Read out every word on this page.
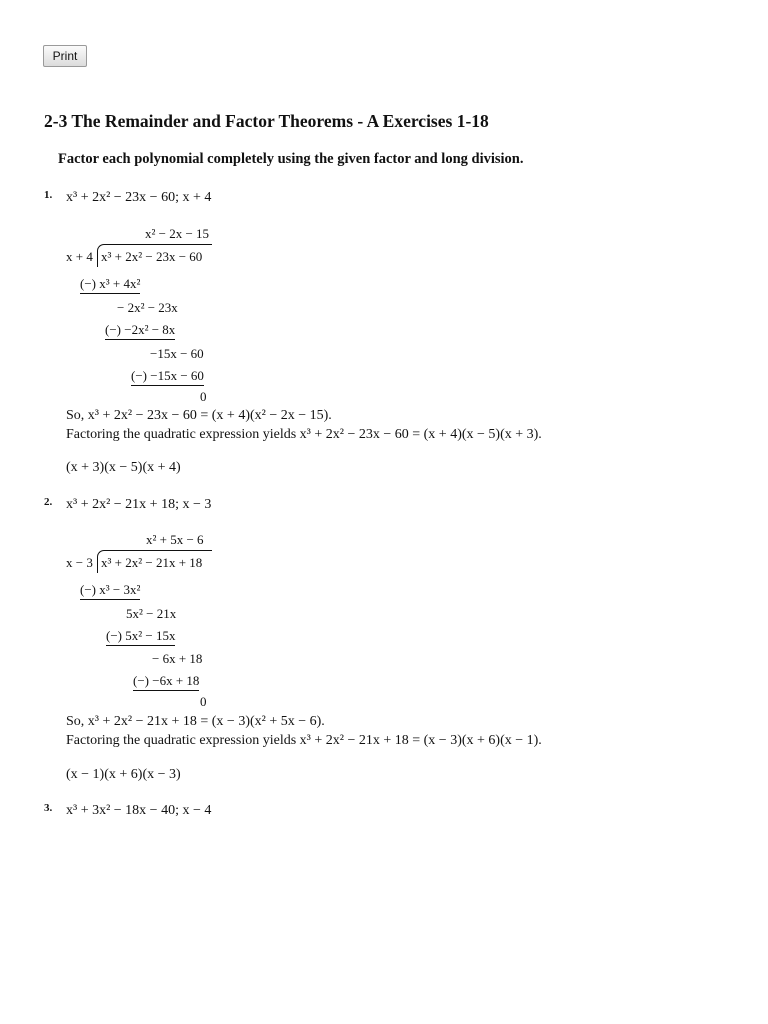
Print
2-3 The Remainder and Factor Theorems - A Exercises 1-18
Factor each polynomial completely using the given factor and long division.
1. x³ + 2x² − 23x − 60; x + 4
x² − 2x − 15
x + 4 x³ + 2x² − 23x − 60
(−) x³ + 4x²
− 2x² − 23x
(−) −2x² − 8x
−15x − 60
(−) −15x − 60
0
So, x³ + 2x² − 23x − 60 = (x + 4)(x² − 2x − 15).
Factoring the quadratic expression yields x³ + 2x² − 23x − 60 = (x + 4)(x − 5)(x + 3).
(x + 3)(x − 5)(x + 4)
2. x³ + 2x² − 21x + 18; x − 3
x² + 5x − 6
x − 3 x³ + 2x² − 21x + 18
(−) x³ − 3x²
5x² − 21x
(−) 5x² − 15x
− 6x + 18
(−) −6x + 18
0
So, x³ + 2x² − 21x + 18 = (x − 3)(x² + 5x − 6).
Factoring the quadratic expression yields x³ + 2x² − 21x + 18 = (x − 3)(x + 6)(x − 1).
(x − 1)(x + 6)(x − 3)
3. x³ + 3x² − 18x − 40; x − 4
